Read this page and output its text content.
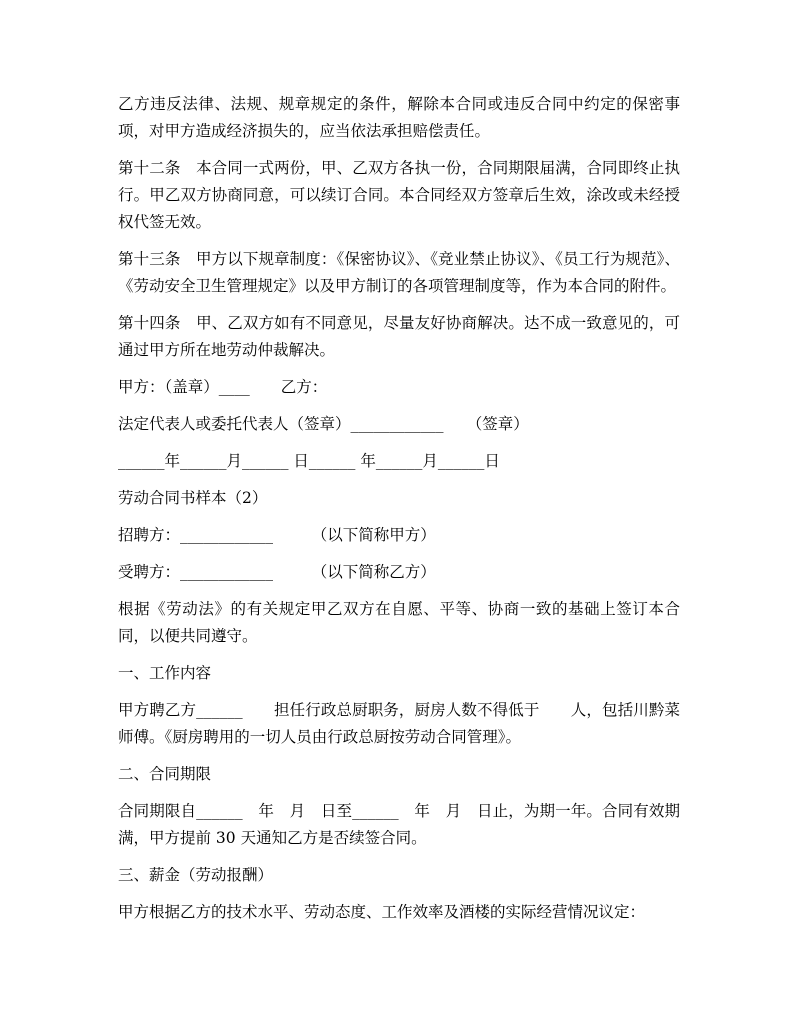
乙方违反法律、法规、规章规定的条件，解除本合同或违反合同中约定的保密事项，对甲方造成经济损失的，应当依法承担赔偿责任。

第十二条　本合同一式两份，甲、乙双方各执一份，合同期限届满，合同即终止执行。甲乙双方协商同意，可以续订合同。本合同经双方签章后生效，涂改或未经授权代签无效。

第十三条　甲方以下规章制度：《保密协议》、《竞业禁止协议》、《员工行为规范》、《劳动安全卫生管理规定》以及甲方制订的各项管理制度等，作为本合同的附件。

第十四条　甲、乙双方如有不同意见，尽量友好协商解决。达不成一致意见的，可通过甲方所在地劳动仲裁解决。

甲方：（盖章）____　　乙方：

法定代表人或委托代表人（签章）____________　　（签章）

______年______月______ 日______ 年______月______日

劳动合同书样本（2）

招聘方：____________　　　（以下简称甲方）

受聘方：____________　　　（以下简称乙方）

根据《劳动法》的有关规定甲乙双方在自愿、平等、协商一致的基础上签订本合同，以便共同遵守。

一、工作内容

甲方聘乙方______　　担任行政总厨职务，厨房人数不得低于　　人，包括川黔菜师傅。《厨房聘用的一切人员由行政总厨按劳动合同管理》。

二、合同期限

合同期限自______　年　月　日至______　年　月　日止，为期一年。合同有效期满，甲方提前 30 天通知乙方是否续签合同。

三、薪金（劳动报酬）

甲方根据乙方的技术水平、劳动态度、工作效率及酒楼的实际经营情况议定：
